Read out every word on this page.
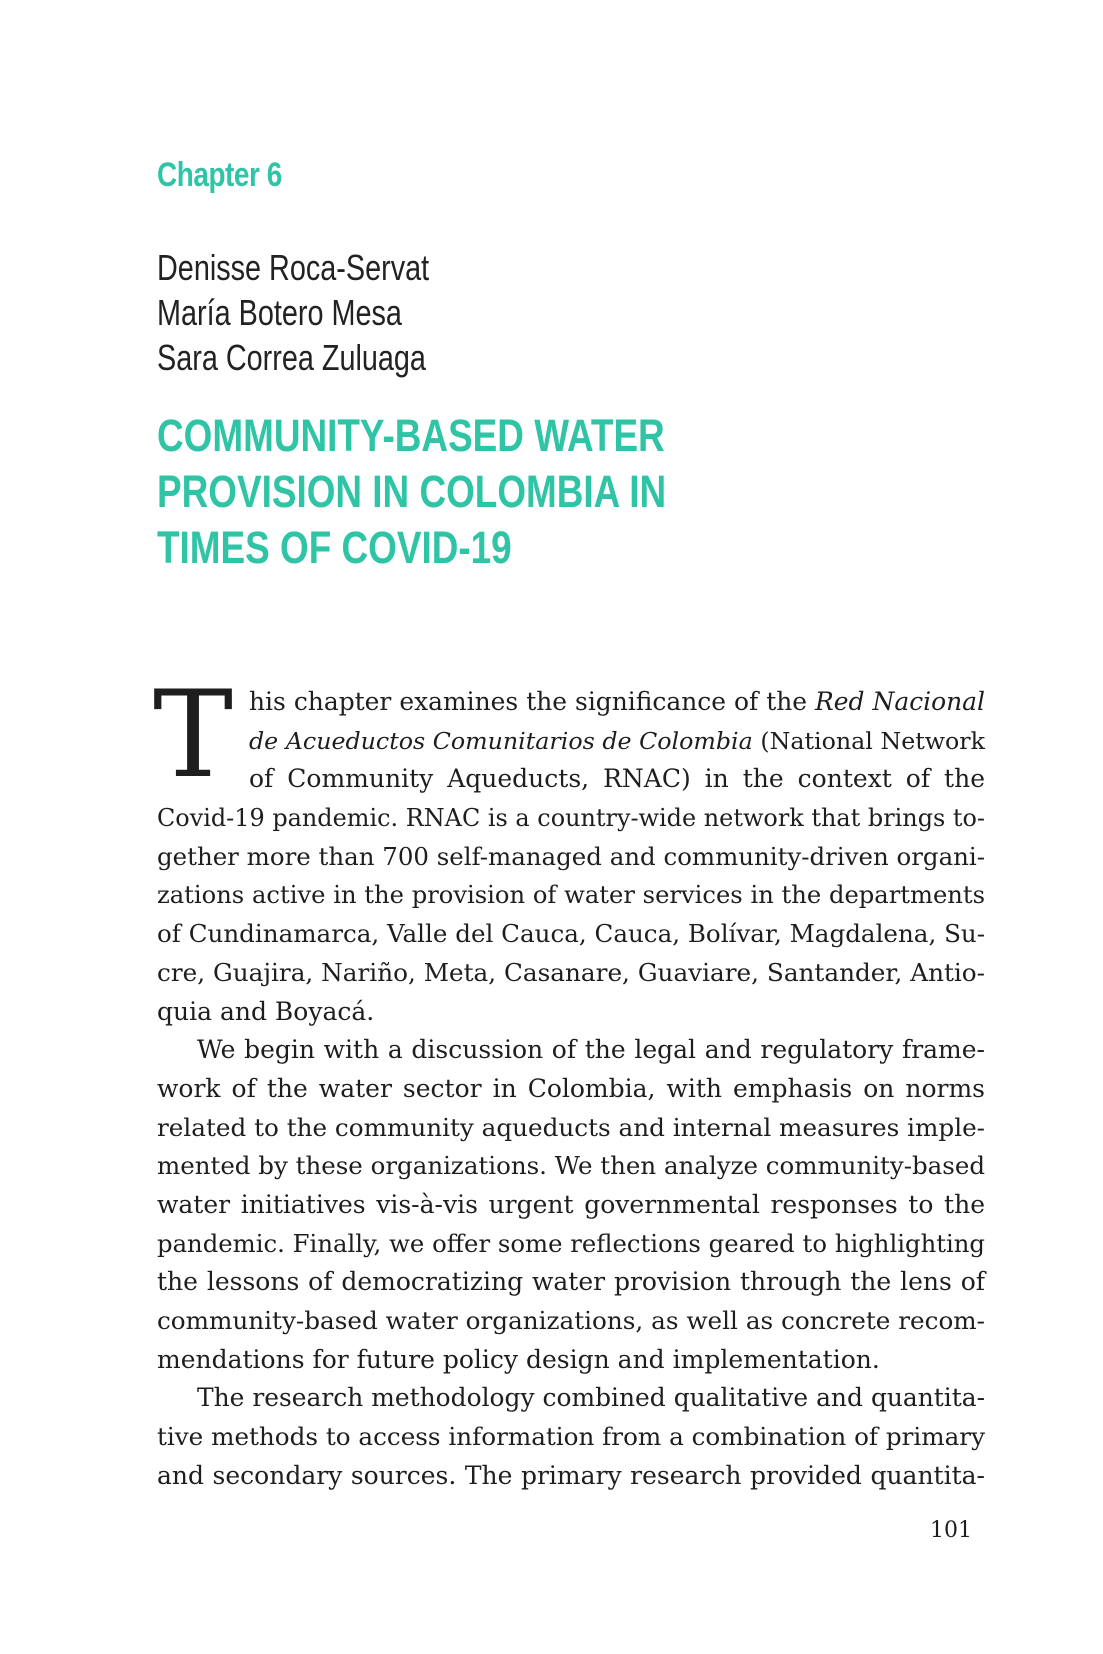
Chapter 6
Denisse Roca-Servat
María Botero Mesa
Sara Correa Zuluaga
COMMUNITY-BASED WATER
PROVISION IN COLOMBIA IN
TIMES OF COVID-19
T his chapter examines the significance of the Red Nacional
de Acueductos Comunitarios de Colombia (National Network
of Community Aqueducts, RNAC) in the context of the
Covid-19 pandemic. RNAC is a country-wide network that brings to-
gether more than 700 self-managed and community-driven organi-
zations active in the provision of water services in the departments
of Cundinamarca, Valle del Cauca, Cauca, Bolívar, Magdalena, Su-
cre, Guajira, Nariño, Meta, Casanare, Guaviare, Santander, Antio-
quia and Boyacá.
We begin with a discussion of the legal and regulatory frame-
work of the water sector in Colombia, with emphasis on norms
related to the community aqueducts and internal measures imple-
mented by these organizations. We then analyze community-based
water initiatives vis-à-vis urgent governmental responses to the
pandemic. Finally, we offer some reflections geared to highlighting
the lessons of democratizing water provision through the lens of
community-based water organizations, as well as concrete recom-
mendations for future policy design and implementation.
The research methodology combined qualitative and quantita-
tive methods to access information from a combination of primary
and secondary sources. The primary research provided quantita-
101
